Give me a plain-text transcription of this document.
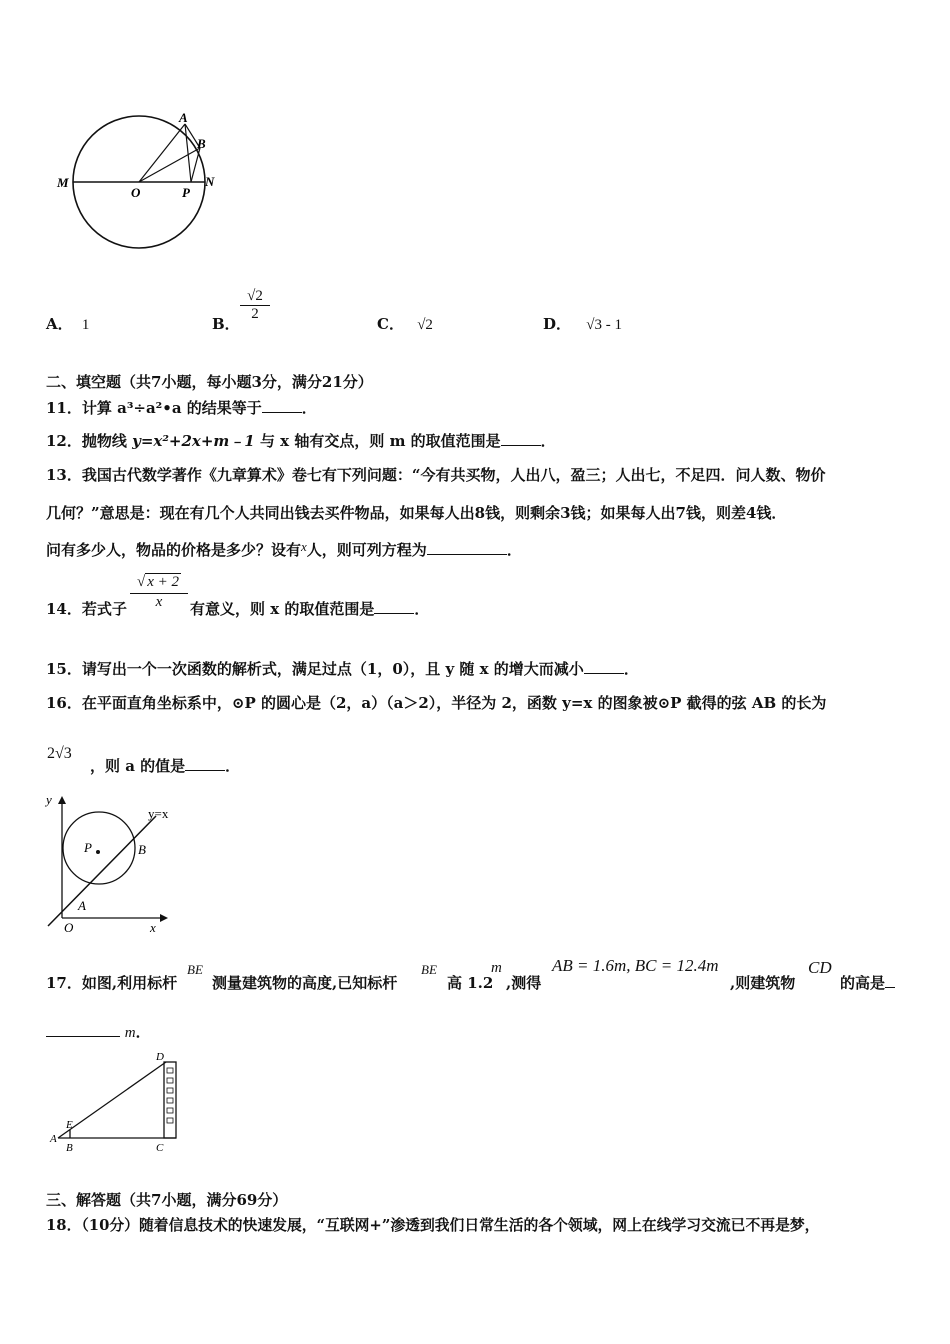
A
B
M
O	P
N
A． 1	B．
$\frac{√2}{2}$
C． √2	D． √3 - 1
二、填空题（共7小题，每小题3分，满分21分）
11．计算 a³÷a²•a 的结果等于	．
12．抛物线 y=x²+2x+m﹣1 与 x 轴有交点，则 m 的取值范围是	．
13．我国古代数学著作《九章算术》卷七有下列问题：“今有共买物，人出八，盈三；人出七，不足四．问人数、物价
几何？”意思是：现在有几个人共同出钱去买件物品，如果每人出8钱，则剩余3钱；如果每人出7钱，则差4钱．
问有多少人，物品的价格是多少？设有x人，则可列方程为	．
14．若式子 $\frac{√ x + 2}{x}$ 有意义，则 x 的取值范围是	．
15．请写出一个一次函数的解析式，满足过点（1，0），且 y 随 x 的增大而减小	．
16．在平面直角坐标系中，⊙P 的圆心是（2，a）（a＞2），半径为 2，函数 y=x 的图象被⊙P 截得的弦 AB 的长为
2√3
，则 a 的值是	．
y
x
O
P
A
B
y=x
17．如图,利用标杆
BE
测量建筑物的高度,已知标杆
BE
高 1.2
m
,测得
AB = 1.6m, BC = 12.4m
,则建筑物
CD
的高是
m．
D
E
A
B	C
三、解答题（共7小题，满分69分）
18．（10分）随着信息技术的快速发展，“互联网+”渗透到我们日常生活的各个领域，网上在线学习交流已不再是梦，
